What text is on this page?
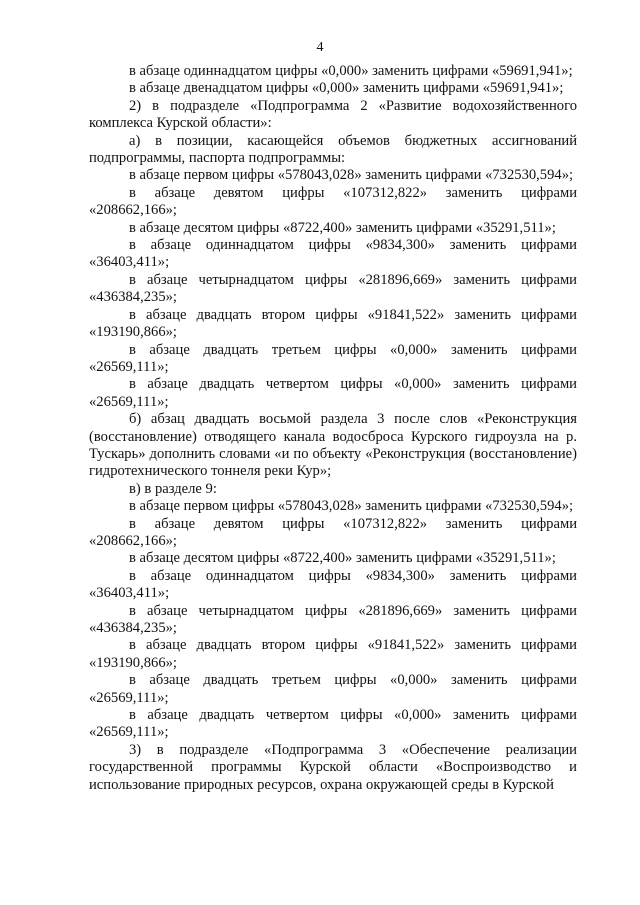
4

в абзаце одиннадцатом цифры «0,000» заменить цифрами «59691,941»;

в абзаце двенадцатом цифры «0,000» заменить цифрами «59691,941»;

2) в подразделе «Подпрограмма 2 «Развитие водохозяйственного комплекса Курской области»:

а) в позиции, касающейся объемов бюджетных ассигнований подпрограммы, паспорта подпрограммы:

в абзаце первом цифры «578043,028» заменить цифрами «732530,594»;

в абзаце девятом цифры «107312,822» заменить цифрами «208662,166»;

в абзаце десятом цифры «8722,400» заменить цифрами «35291,511»;

в абзаце одиннадцатом цифры «9834,300» заменить цифрами «36403,411»;

в абзаце четырнадцатом цифры «281896,669» заменить цифрами «436384,235»;

в абзаце двадцать втором цифры «91841,522» заменить цифрами «193190,866»;

в абзаце двадцать третьем цифры «0,000» заменить цифрами «26569,111»;

в абзаце двадцать четвертом цифры «0,000» заменить цифрами «26569,111»;

б) абзац двадцать восьмой раздела 3 после слов «Реконструкция (восстановление) отводящего канала водосброса Курского гидроузла на р. Тускарь» дополнить словами «и по объекту «Реконструкция (восстановление) гидротехнического тоннеля реки Кур»;

в) в разделе 9:

в абзаце первом цифры «578043,028» заменить цифрами «732530,594»;

в абзаце девятом цифры «107312,822» заменить цифрами «208662,166»;

в абзаце десятом цифры «8722,400» заменить цифрами «35291,511»;

в абзаце одиннадцатом цифры «9834,300» заменить цифрами «36403,411»;

в абзаце четырнадцатом цифры «281896,669» заменить цифрами «436384,235»;

в абзаце двадцать втором цифры «91841,522» заменить цифрами «193190,866»;

в абзаце двадцать третьем цифры «0,000» заменить цифрами «26569,111»;

в абзаце двадцать четвертом цифры «0,000» заменить цифрами «26569,111»;

3) в подразделе «Подпрограмма 3 «Обеспечение реализации государственной программы Курской области «Воспроизводство и использование природных ресурсов, охрана окружающей среды в Курской
